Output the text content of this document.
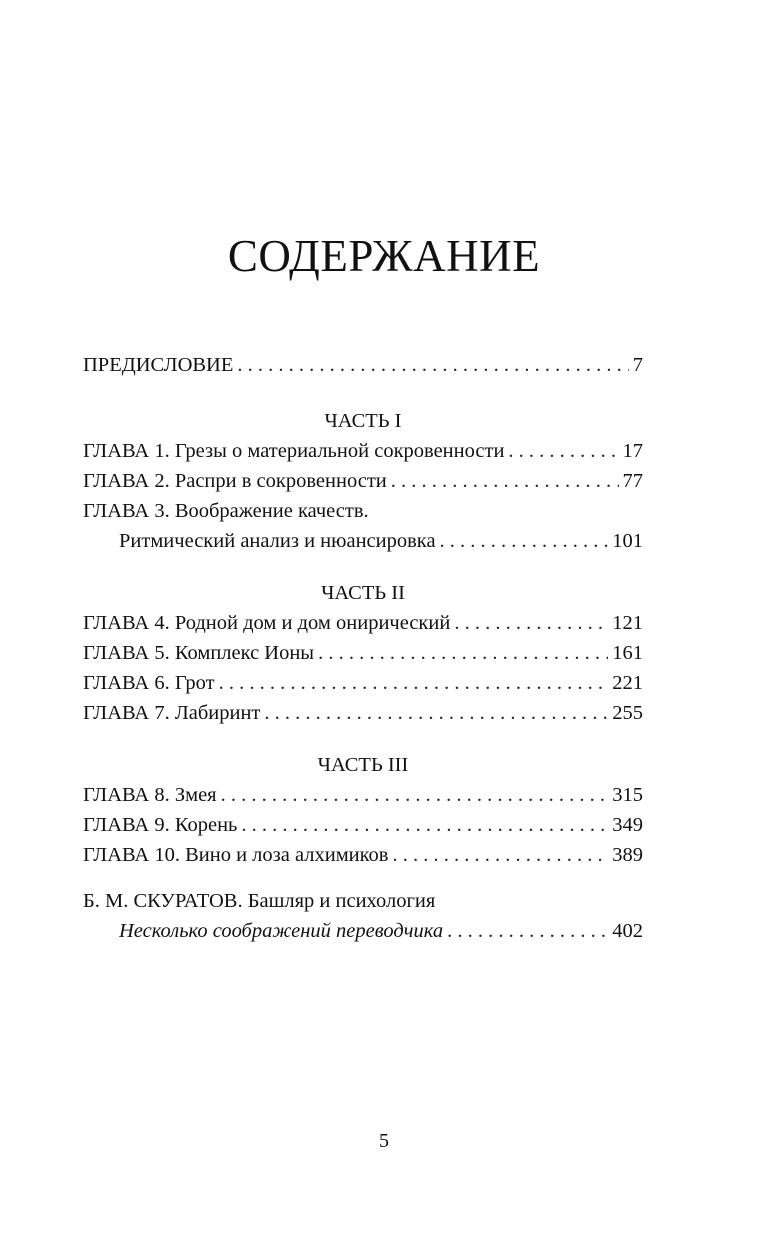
СОДЕРЖАНИЕ
ПРЕДИСЛОВИЕ . . .	7
ЧАСТЬ I
ГЛАВА 1. Грезы о материальной сокровенности . . .	17
ГЛАВА 2. Распри в сокровенности . . .	77
ГЛАВА 3. Воображение качеств.
Ритмический анализ и нюансировка . . .	101
ЧАСТЬ II
ГЛАВА 4. Родной дом и дом онирический . . .	121
ГЛАВА 5. Комплекс Ионы . . .	161
ГЛАВА 6. Грот . . .	221
ГЛАВА 7. Лабиринт . . .	255
ЧАСТЬ III
ГЛАВА 8. Змея . . .	315
ГЛАВА 9. Корень . . .	349
ГЛАВА 10. Вино и лоза алхимиков . . .	389
Б. М. СКУРАТОВ. Башляр и психология
Несколько соображений переводчика . . .	402
5
